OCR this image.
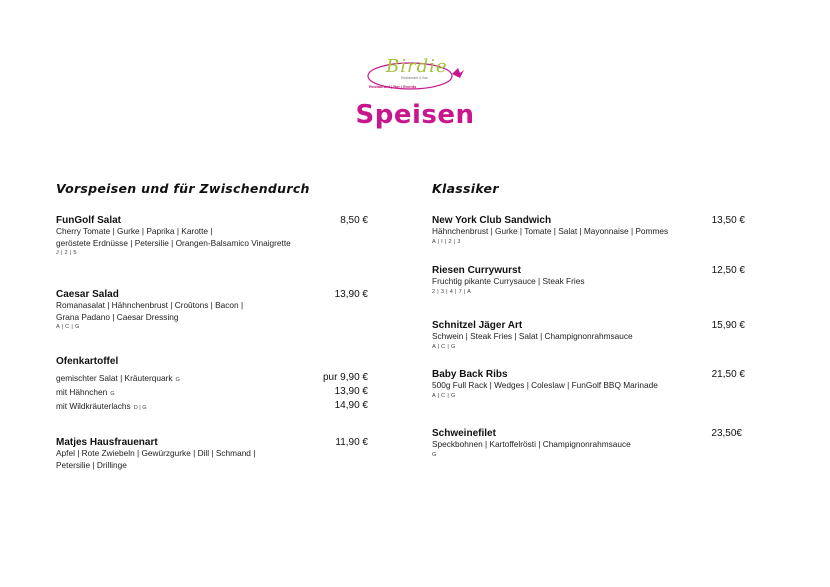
Birdie
Restaurant & Bar
Restaurant | Bar | Events
Speisen
Vorspeisen und für Zwischendurch
FunGolf Salat
Cherry Tomate | Gurke | Paprika | Karotte |
geröstete Erdnüsse | Petersilie | Orangen-Balsamico Vinaigrette
J | 2 | 5
8,50 €
Caesar Salad
Romanasalat | Hähnchenbrust | Croûtons | Bacon |
Grana Padano | Caesar Dressing
A | C | G
13,90 €
Ofenkartoffel
gemischter Salat | Kräuterquark G	pur 9,90 €
mit Hähnchen G	13,90 €
mit Wildkräuterlachs D | G	14,90 €
Matjes Hausfrauenart
Apfel | Rote Zwiebeln | Gewürzgurke | Dill | Schmand |
Petersilie | Drillinge
11,90 €
Klassiker
New York Club Sandwich
Hähnchenbrust | Gurke | Tomate | Salat | Mayonnaise | Pommes
A | I | 2 | 3
13,50 €
Riesen Currywurst
Fruchtig pikante Currysauce | Steak Fries
2 | 3 | 4 | 7 | A
12,50 €
Schnitzel Jäger Art
Schwein | Steak Fries | Salat | Champignonrahmsauce
A | C | G
15,90 €
Baby Back Ribs
500g Full Rack | Wedges | Coleslaw | FunGolf BBQ Marinade
A | C | G
21,50 €
Schweinefilet
Speckbohnen | Kartoffelrösti | Champignonrahmsauce
G
23,50€
